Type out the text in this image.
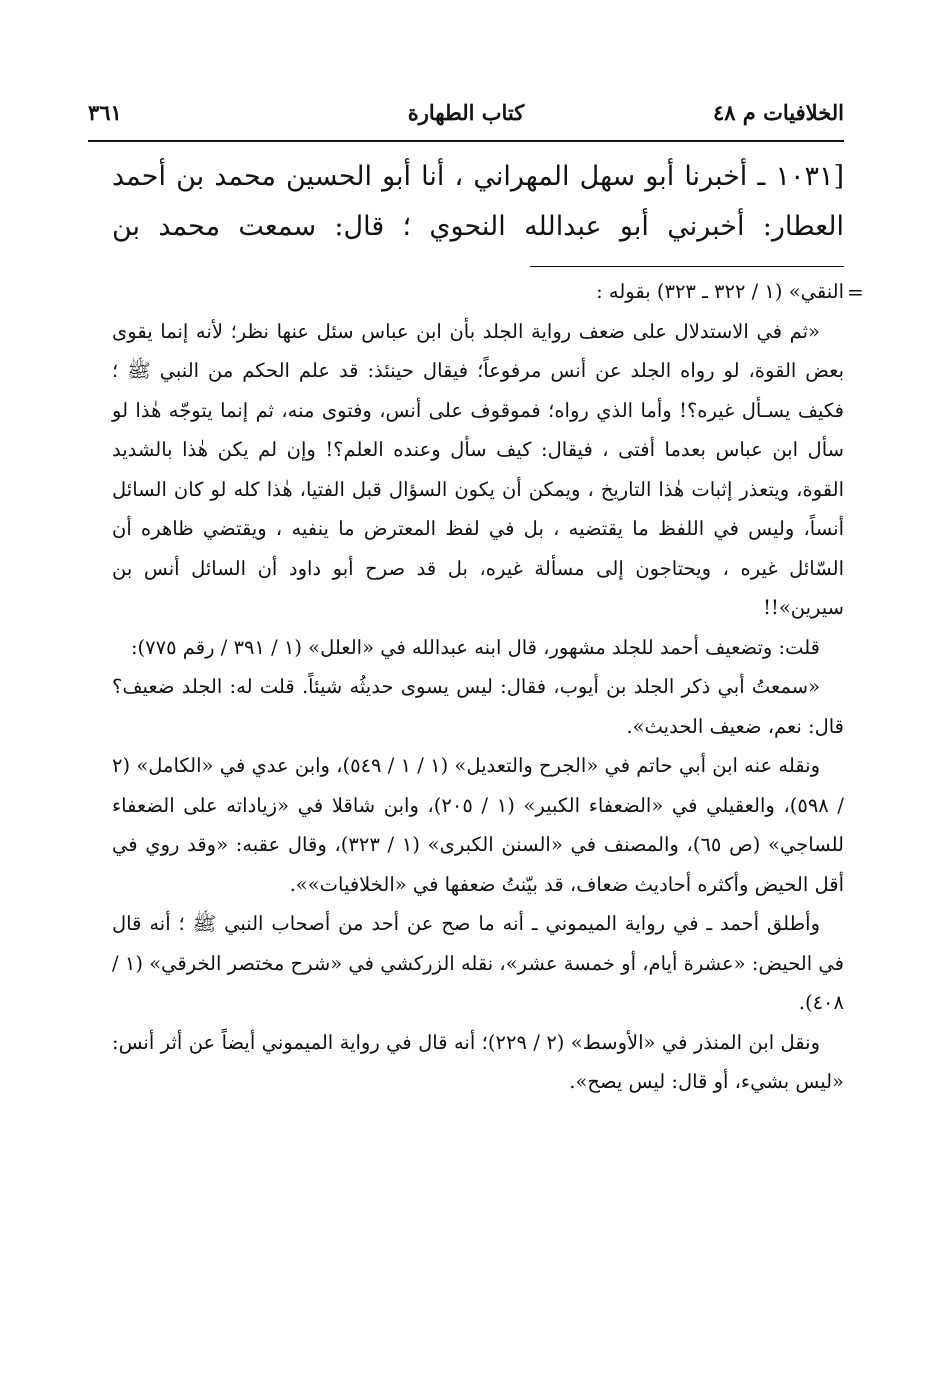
الخلافيات م ٤٨
كتاب الطهارة
٣٦١

[١٠٣١ ـ أخبرنا أبو سهل المهراني ، أنا أبو الحسين محمد بن أحمد العطار: أخبرني أبو عبدالله النحوي ؛ قال: سمعت محمد بن

=

النقي» (١ / ٣٢٢ ـ ٣٢٣) بقوله :

«ثم في الاستدلال على ضعف رواية الجلد بأن ابن عباس سئل عنها نظر؛ لأنه إنما يقوى بعض القوة، لو رواه الجلد عن أنس مرفوعاً؛ فيقال حينئذ: قد علم الحكم من النبي ﷺ ؛ فكيف يسـأل غيره؟! وأما الذي رواه؛ فموقوف على أنس، وفتوى منه، ثم إنما يتوجّه هٰذا لو سأل ابن عباس بعدما أفتى ، فيقال: كيف سأل وعنده العلم؟! وإن لم يكن هٰذا بالشديد القوة، ويتعذر إثبات هٰذا التاريخ ، ويمكن أن يكون السؤال قبل الفتيا، هٰذا كله لو كان السائل أنساً، وليس في اللفظ ما يقتضيه ، بل في لفظ المعترض ما ينفيه ، ويقتضي ظاهره أن السّائل غيره ، ويحتاجون إلى مسألة غيره، بل قد صرح أبو داود أن السائل أنس بن سيرين»!!

قلت: وتضعيف أحمد للجلد مشهور، قال ابنه عبدالله في «العلل» (١ / ٣٩١ / رقم ٧٧٥):

«سمعتُ أبي ذكر الجلد بن أيوب، فقال: ليس يسوى حديثُه شيئاً. قلت له: الجلد ضعيف؟ قال: نعم، ضعيف الحديث».

ونقله عنه ابن أبي حاتم في «الجرح والتعديل» (١ / ١ / ٥٤٩)، وابن عدي في «الكامل» (٢ / ٥٩٨)، والعقيلي في «الضعفاء الكبير» (١ / ٢٠٥)، وابن شاقلا في «زياداته على الضعفاء للساجي» (ص ٦٥)، والمصنف في «السنن الكبرى» (١ / ٣٢٣)، وقال عقبه: «وقد روي في أقل الحيض وأكثره أحاديث ضعاف، قد بيّنتُ ضعفها في «الخلافيات»».

وأطلق أحمد ـ في رواية الميموني ـ أنه ما صح عن أحد من أصحاب النبي ﷺ ؛ أنه قال في الحيض: «عشرة أيام، أو خمسة عشر»، نقله الزركشي في «شرح مختصر الخرقي» (١ / ٤٠٨).

ونقل ابن المنذر في «الأوسط» (٢ / ٢٢٩)؛ أنه قال في رواية الميموني أيضاً عن أثر أنس: «ليس بشيء، أو قال: ليس يصح».
